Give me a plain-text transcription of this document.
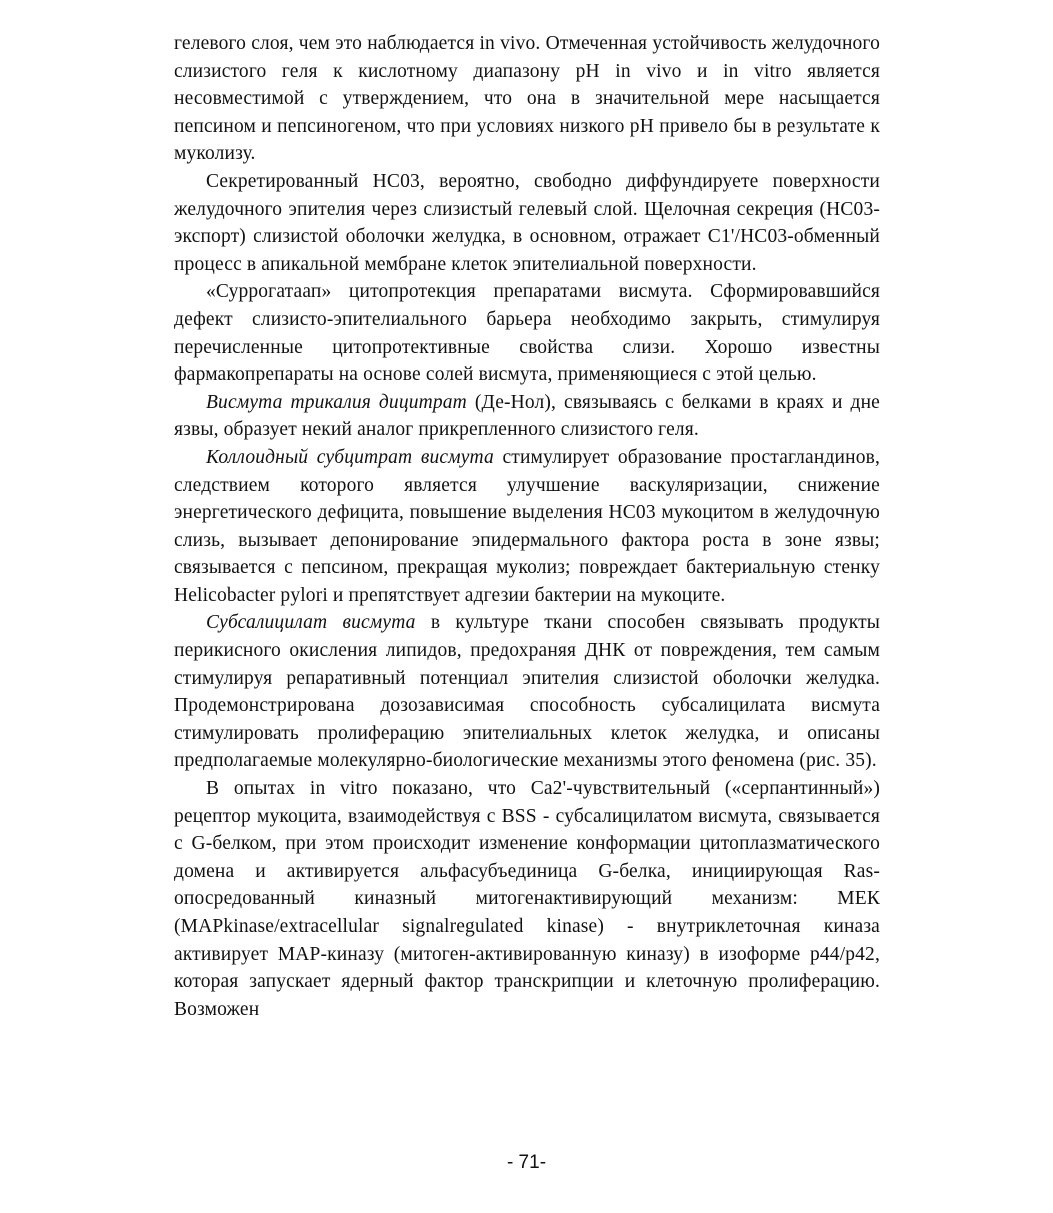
гелевого слоя, чем это наблюдается in vivo. Отмеченная устойчивость желудочного слизистого геля к кислотному диапазону pH in vivo и in vitro является несовместимой с утверждением, что она в значительной мере насыщается пепсином и пепсиногеном, что при условиях низкого pH привело бы в результате к муколизу.

Секретированный НС03, вероятно, свободно диффундируете поверхности желудочного эпителия через слизистый гелевый слой. Щелочная секреция (НС03-экспорт) слизистой оболочки желудка, в основном, отражает С1'/НС03-обменный процесс в апикальной мембране клеток эпителиальной поверхности.

«Суррогатаап» цитопротекция препаратами висмута. Сформировавшийся дефект слизисто-эпителиального барьера необходимо закрыть, стимулируя перечисленные цитопротективные свойства слизи. Хорошо известны фармакопрепараты на основе солей висмута, применяющиеся с этой целью.

Висмута трикалия дицитрат (Де-Нол), связываясь с белками в краях и дне язвы, образует некий аналог прикрепленного слизистого геля.

Коллоидный субцитрат висмута стимулирует образование простагландинов, следствием которого является улучшение васкуляризации, снижение энергетического дефицита, повышение выделения НС03 мукоцитом в желудочную слизь, вызывает депонирование эпидермального фактора роста в зоне язвы; связывается с пепсином, прекращая муколиз; повреждает бактериальную стенку Helicobacter pylori и препятствует адгезии бактерии на мукоците.

Субсалицилат висмута в культуре ткани способен связывать продукты перикисного окисления липидов, предохраняя ДНК от повреждения, тем самым стимулируя репаративный потенциал эпителия слизистой оболочки желудка. Продемонстрирована дозозависимая способность субсалицилата висмута стимулировать пролиферацию эпителиальных клеток желудка, и описаны предполагаемые молекулярно-биологические механизмы этого феномена (рис. 35).

В опытах in vitro показано, что Са2'-чувствительный («серпантинный») рецептор мукоцита, взаимодействуя с BSS - субсалицилатом висмута, связывается с G-белком, при этом происходит изменение конформации цитоплазматического домена и активируется альфасубъединица G-белка, инициирующая Ras-опосредованный киназный митогенактивирующий механизм: МЕК (MAPkinase/extracellular signalregulated kinase) - внутриклеточная киназа активирует MAP-киназу (митоген-активированную киназу) в изоформе р44/р42, которая запускает ядерный фактор транскрипции и клеточную пролиферацию. Возможен

- 71-
